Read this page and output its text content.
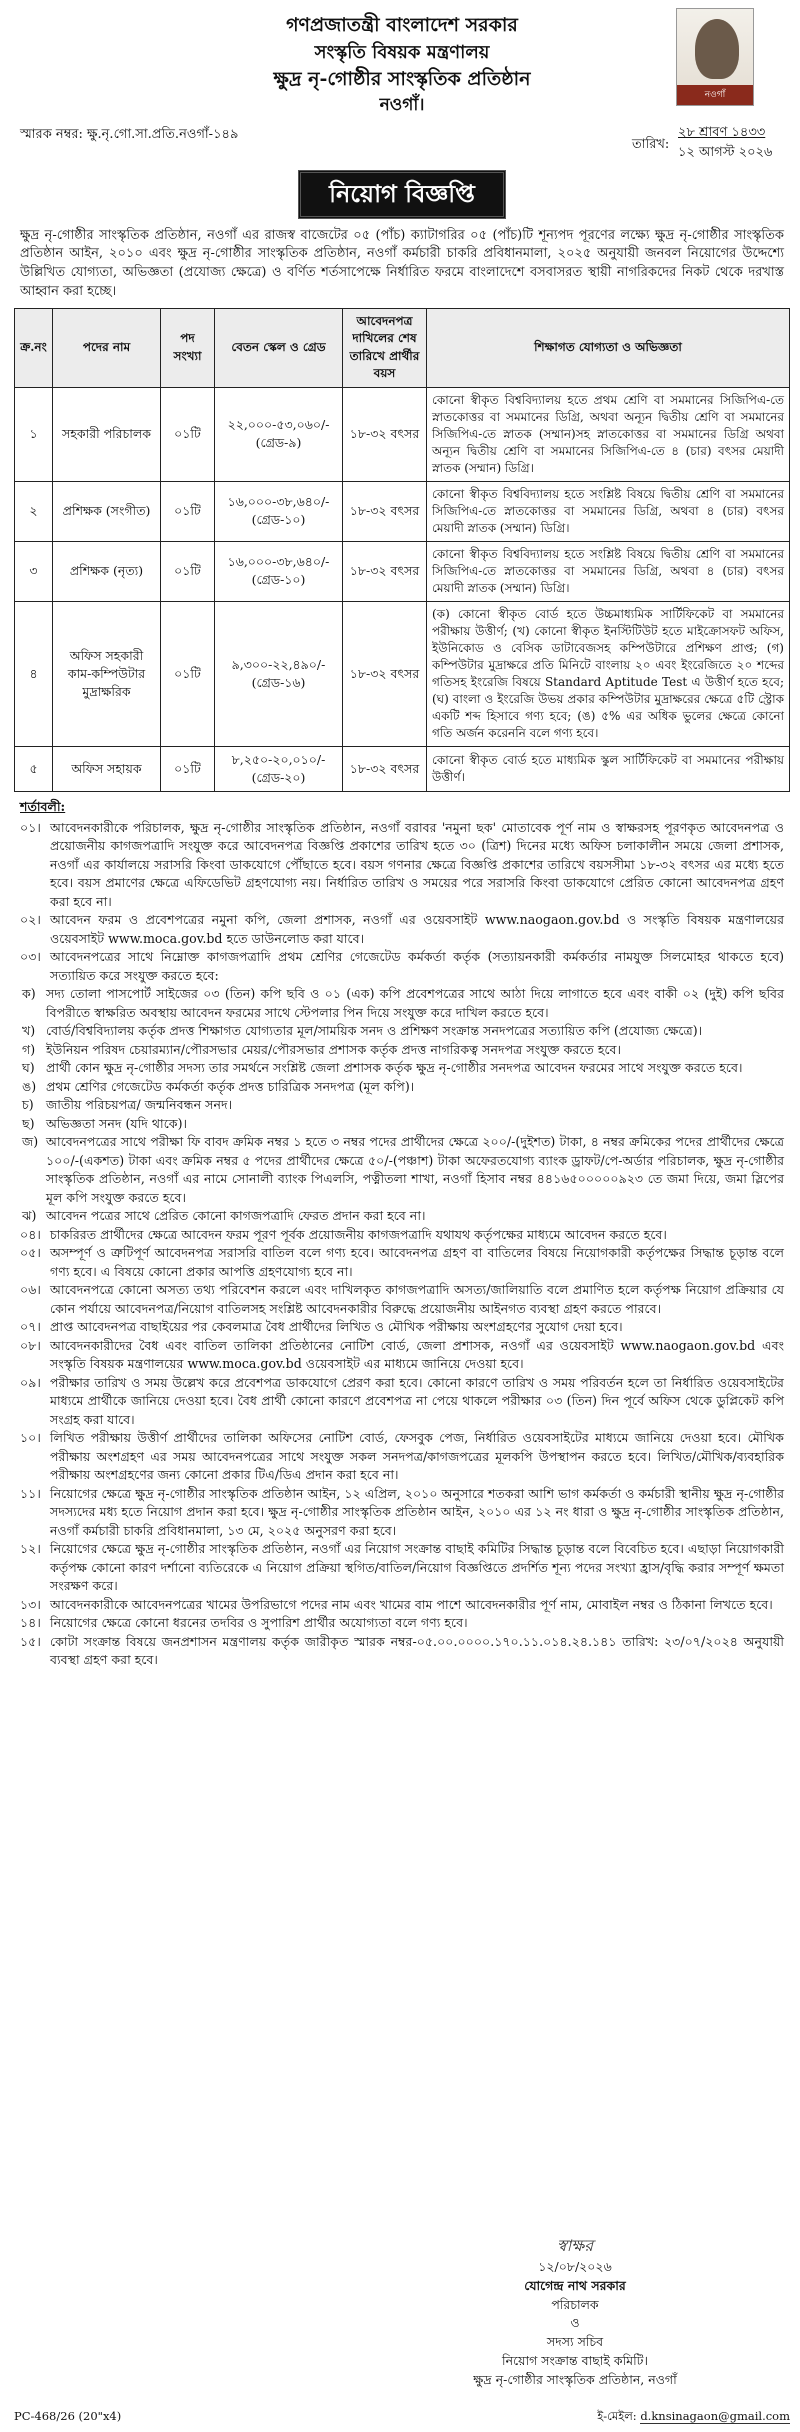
গণপ্রজাতন্ত্রী বাংলাদেশ সরকার
সংস্কৃতি বিষয়ক মন্ত্রণালয়
ক্ষুদ্র নৃ-গোষ্ঠীর সাংস্কৃতিক প্রতিষ্ঠান
নওগাঁ।
নওগাঁ
স্মারক নম্বর: ক্ষু.নৃ.গো.সা.প্রতি.নওগাঁ-১৪৯
তারিখ:
২৮ শ্রাবণ ১৪৩৩
১২ আগস্ট ২০২৬
নিয়োগ বিজ্ঞপ্তি

ক্ষুদ্র নৃ-গোষ্ঠীর সাংস্কৃতিক প্রতিষ্ঠান, নওগাঁ এর রাজস্ব বাজেটের ০৫ (পাঁচ) ক্যাটাগরির ০৫ (পাঁচ)টি শূন্যপদ পূরণের লক্ষ্যে ক্ষুদ্র নৃ-গোষ্ঠীর সাংস্কৃতিক প্রতিষ্ঠান আইন, ২০১০ এবং ক্ষুদ্র নৃ-গোষ্ঠীর সাংস্কৃতিক প্রতিষ্ঠান, নওগাঁ কর্মচারী চাকরি প্রবিধানমালা, ২০২৫ অনুযায়ী জনবল নিয়োগের উদ্দেশ্যে উল্লিখিত যোগ্যতা, অভিজ্ঞতা (প্রযোজ্য ক্ষেত্রে) ও বর্ণিত শর্তসাপেক্ষে নির্ধারিত ফরমে বাংলাদেশে বসবাসরত স্থায়ী নাগরিকদের নিকট থেকে দরখাস্ত আহ্বান করা হচ্ছে।

ক্র.নং	পদের নাম	পদ সংখ্যা	বেতন স্কেল ও গ্রেড	আবেদনপত্র দাখিলের শেষ তারিখে প্রার্থীর বয়স	শিক্ষাগত যোগ্যতা ও অভিজ্ঞতা
১	সহকারী পরিচালক	০১টি	২২,০০০-৫৩,০৬০/-
(গ্রেড-৯)	১৮-৩২ বৎসর	কোনো স্বীকৃত বিশ্ববিদ্যালয় হতে প্রথম শ্রেণি বা সমমানের সিজিপিএ-তে স্নাতকোত্তর বা সমমানের ডিগ্রি, অথবা অন্যূন দ্বিতীয় শ্রেণি বা সমমানের সিজিপিএ-তে স্নাতক (সম্মান)সহ স্নাতকোত্তর বা সমমানের ডিগ্রি অথবা অন্যূন দ্বিতীয় শ্রেণি বা সমমানের সিজিপিএ-তে ৪ (চার) বৎসর মেয়াদী স্নাতক (সম্মান) ডিগ্রি।
২	প্রশিক্ষক (সংগীত)	০১টি	১৬,০০০-৩৮,৬৪০/-
(গ্রেড-১০)	১৮-৩২ বৎসর	কোনো স্বীকৃত বিশ্ববিদ্যালয় হতে সংশ্লিষ্ট বিষয়ে দ্বিতীয় শ্রেণি বা সমমানের সিজিপিএ-তে স্নাতকোত্তর বা সমমানের ডিগ্রি, অথবা ৪ (চার) বৎসর মেয়াদী স্নাতক (সম্মান) ডিগ্রি।
৩	প্রশিক্ষক (নৃত্য)	০১টি	১৬,০০০-৩৮,৬৪০/-
(গ্রেড-১০)	১৮-৩২ বৎসর	কোনো স্বীকৃত বিশ্ববিদ্যালয় হতে সংশ্লিষ্ট বিষয়ে দ্বিতীয় শ্রেণি বা সমমানের সিজিপিএ-তে স্নাতকোত্তর বা সমমানের ডিগ্রি, অথবা ৪ (চার) বৎসর মেয়াদী স্নাতক (সম্মান) ডিগ্রি।
৪	অফিস সহকারী কাম-কম্পিউটার মুদ্রাক্ষরিক	০১টি	৯,৩০০-২২,৪৯০/-
(গ্রেড-১৬)	১৮-৩২ বৎসর	(ক) কোনো স্বীকৃত বোর্ড হতে উচ্চমাধ্যমিক সার্টিফিকেট বা সমমানের পরীক্ষায় উত্তীর্ণ; (খ) কোনো স্বীকৃত ইনস্টিটিউট হতে মাইক্রোসফট অফিস, ইউনিকোড ও বেসিক ডাটাবেজসহ কম্পিউটারে প্রশিক্ষণ প্রাপ্ত; (গ) কম্পিউটার মুদ্রাক্ষরে প্রতি মিনিটে বাংলায় ২০ এবং ইংরেজিতে ২০ শব্দের গতিসহ ইংরেজি বিষয়ে Standard Aptitude Test এ উত্তীর্ণ হতে হবে; (ঘ) বাংলা ও ইংরেজি উভয় প্রকার কম্পিউটার মুদ্রাক্ষরের ক্ষেত্রে ৫টি স্ট্রোক একটি শব্দ হিসাবে গণ্য হবে; (ঙ) ৫% এর অধিক ভুলের ক্ষেত্রে কোনো গতি অর্জন করেননি বলে গণ্য হবে।
৫	অফিস সহায়ক	০১টি	৮,২৫০-২০,০১০/-
(গ্রেড-২০)	১৮-৩২ বৎসর	কোনো স্বীকৃত বোর্ড হতে মাধ্যমিক স্কুল সার্টিফিকেট বা সমমানের পরীক্ষায় উত্তীর্ণ।
শর্তাবলী:
০১। আবেদনকারীকে পরিচালক, ক্ষুদ্র নৃ-গোষ্ঠীর সাংস্কৃতিক প্রতিষ্ঠান, নওগাঁ বরাবর 'নমুনা ছক' মোতাবেক পূর্ণ নাম ও স্বাক্ষরসহ পূরণকৃত আবেদনপত্র ও প্রয়োজনীয় কাগজপত্রাদি সংযুক্ত করে আবেদনপত্র বিজ্ঞপ্তি প্রকাশের তারিখ হতে ৩০ (ত্রিশ) দিনের মধ্যে অফিস চলাকালীন সময়ে জেলা প্রশাসক, নওগাঁ এর কার্যালয়ে সরাসরি কিংবা ডাকযোগে পৌঁছাতে হবে। বয়স গণনার ক্ষেত্রে বিজ্ঞপ্তি প্রকাশের তারিখে বয়সসীমা ১৮-৩২ বৎসর এর মধ্যে হতে হবে। বয়স প্রমাণের ক্ষেত্রে এফিডেভিট গ্রহণযোগ্য নয়। নির্ধারিত তারিখ ও সময়ের পরে সরাসরি কিংবা ডাকযোগে প্রেরিত কোনো আবেদনপত্র গ্রহণ করা হবে না।
০২। আবেদন ফরম ও প্রবেশপত্রের নমুনা কপি, জেলা প্রশাসক, নওগাঁ এর ওয়েবসাইট www.naogaon.gov.bd ও সংস্কৃতি বিষয়ক মন্ত্রণালয়ের ওয়েবসাইট www.moca.gov.bd হতে ডাউনলোড করা যাবে।
০৩। আবেদনপত্রের সাথে নিম্নোক্ত কাগজপত্রাদি প্রথম শ্রেণির গেজেটেড কর্মকর্তা কর্তৃক (সত্যায়নকারী কর্মকর্তার নামযুক্ত সিলমোহর থাকতে হবে) সত্যায়িত করে সংযুক্ত করতে হবে:
ক) সদ্য তোলা পাসপোর্ট সাইজের ০৩ (তিন) কপি ছবি ও ০১ (এক) কপি প্রবেশপত্রের সাথে আঠা দিয়ে লাগাতে হবে এবং বাকী ০২ (দুই) কপি ছবির বিপরীতে স্বাক্ষরিত অবস্থায় আবেদন ফরমের সাথে স্টেপলার পিন দিয়ে সংযুক্ত করে দাখিল করতে হবে।
খ) বোর্ড/বিশ্ববিদ্যালয় কর্তৃক প্রদত্ত শিক্ষাগত যোগ্যতার মূল/সাময়িক সনদ ও প্রশিক্ষণ সংক্রান্ত সনদপত্রের সত্যায়িত কপি (প্রযোজ্য ক্ষেত্রে)।
গ) ইউনিয়ন পরিষদ চেয়ারম্যান/পৌরসভার মেয়র/পৌরসভার প্রশাসক কর্তৃক প্রদত্ত নাগরিকত্ব সনদপত্র সংযুক্ত করতে হবে।
ঘ) প্রার্থী কোন ক্ষুদ্র নৃ-গোষ্ঠীর সদস্য তার সমর্থনে সংশ্লিষ্ট জেলা প্রশাসক কর্তৃক ক্ষুদ্র নৃ-গোষ্ঠীর সনদপত্র আবেদন ফরমের সাথে সংযুক্ত করতে হবে।
ঙ) প্রথম শ্রেণির গেজেটেড কর্মকর্তা কর্তৃক প্রদত্ত চারিত্রিক সনদপত্র (মূল কপি)।
চ) জাতীয় পরিচয়পত্র/ জন্মনিবন্ধন সনদ।
ছ) অভিজ্ঞতা সনদ (যদি থাকে)।
জ) আবেদনপত্রের সাথে পরীক্ষা ফি বাবদ ক্রমিক নম্বর ১ হতে ৩ নম্বর পদের প্রার্থীদের ক্ষেত্রে ২০০/-(দুইশত) টাকা, ৪ নম্বর ক্রমিকের পদের প্রার্থীদের ক্ষেত্রে ১০০/-(একশত) টাকা এবং ক্রমিক নম্বর ৫ পদের প্রার্থীদের ক্ষেত্রে ৫০/-(পঞ্চাশ) টাকা অফেরতযোগ্য ব্যাংক ড্রাফট/পে-অর্ডার পরিচালক, ক্ষুদ্র নৃ-গোষ্ঠীর সাংস্কৃতিক প্রতিষ্ঠান, নওগাঁ এর নামে সোনালী ব্যাংক পিএলসি, পত্নীতলা শাখা, নওগাঁ হিসাব নম্বর ৪৪১৬৫০০০০০৯২৩ তে জমা দিয়ে, জমা স্লিপের মূল কপি সংযুক্ত করতে হবে।
ঝ) আবেদন পত্রের সাথে প্রেরিত কোনো কাগজপত্রাদি ফেরত প্রদান করা হবে না।
০৪। চাকরিরত প্রার্থীদের ক্ষেত্রে আবেদন ফরম পূরণ পূর্বক প্রয়োজনীয় কাগজপত্রাদি যথাযথ কর্তৃপক্ষের মাধ্যমে আবেদন করতে হবে।
০৫। অসম্পূর্ণ ও ত্রুটিপূর্ণ আবেদনপত্র সরাসরি বাতিল বলে গণ্য হবে। আবেদনপত্র গ্রহণ বা বাতিলের বিষয়ে নিয়োগকারী কর্তৃপক্ষের সিদ্ধান্ত চূড়ান্ত বলে গণ্য হবে। এ বিষয়ে কোনো প্রকার আপত্তি গ্রহণযোগ্য হবে না।
০৬। আবেদনপত্রে কোনো অসত্য তথ্য পরিবেশন করলে এবং দাখিলকৃত কাগজপত্রাদি অসত্য/জালিয়াতি বলে প্রমাণিত হলে কর্তৃপক্ষ নিয়োগ প্রক্রিয়ার যে কোন পর্যায়ে আবেদনপত্র/নিয়োগ বাতিলসহ সংশ্লিষ্ট আবেদনকারীর বিরুদ্ধে প্রয়োজনীয় আইনগত ব্যবস্থা গ্রহণ করতে পারবে।
০৭। প্রাপ্ত আবেদনপত্র বাছাইয়ের পর কেবলমাত্র বৈধ প্রার্থীদের লিখিত ও মৌখিক পরীক্ষায় অংশগ্রহণের সুযোগ দেয়া হবে।
০৮। আবেদনকারীদের বৈধ এবং বাতিল তালিকা প্রতিষ্ঠানের নোটিশ বোর্ড, জেলা প্রশাসক, নওগাঁ এর ওয়েবসাইট www.naogaon.gov.bd এবং সংস্কৃতি বিষয়ক মন্ত্রণালয়ের www.moca.gov.bd ওয়েবসাইট এর মাধ্যমে জানিয়ে দেওয়া হবে।
০৯। পরীক্ষার তারিখ ও সময় উল্লেখ করে প্রবেশপত্র ডাকযোগে প্রেরণ করা হবে। কোনো কারণে তারিখ ও সময় পরিবর্তন হলে তা নির্ধারিত ওয়েবসাইটের মাধ্যমে প্রার্থীকে জানিয়ে দেওয়া হবে। বৈধ প্রার্থী কোনো কারণে প্রবেশপত্র না পেয়ে থাকলে পরীক্ষার ০৩ (তিন) দিন পূর্বে অফিস থেকে ডুপ্লিকেট কপি সংগ্রহ করা যাবে।
১০। লিখিত পরীক্ষায় উত্তীর্ণ প্রার্থীদের তালিকা অফিসের নোটিশ বোর্ড, ফেসবুক পেজ, নির্ধারিত ওয়েবসাইটের মাধ্যমে জানিয়ে দেওয়া হবে। মৌখিক পরীক্ষায় অংশগ্রহণ এর সময় আবেদনপত্রের সাথে সংযুক্ত সকল সনদপত্র/কাগজপত্রের মূলকপি উপস্থাপন করতে হবে। লিখিত/মৌখিক/ব্যবহারিক পরীক্ষায় অংশগ্রহণের জন্য কোনো প্রকার টিএ/ডিএ প্রদান করা হবে না।
১১। নিয়োগের ক্ষেত্রে ক্ষুদ্র নৃ-গোষ্ঠীর সাংস্কৃতিক প্রতিষ্ঠান আইন, ১২ এপ্রিল, ২০১০ অনুসারে শতকরা আশি ভাগ কর্মকর্তা ও কর্মচারী স্থানীয় ক্ষুদ্র নৃ-গোষ্ঠীর সদস্যদের মধ্য হতে নিয়োগ প্রদান করা হবে। ক্ষুদ্র নৃ-গোষ্ঠীর সাংস্কৃতিক প্রতিষ্ঠান আইন, ২০১০ এর ১২ নং ধারা ও ক্ষুদ্র নৃ-গোষ্ঠীর সাংস্কৃতিক প্রতিষ্ঠান, নওগাঁ কর্মচারী চাকরি প্রবিধানমালা, ১৩ মে, ২০২৫ অনুসরণ করা হবে।
১২। নিয়োগের ক্ষেত্রে ক্ষুদ্র নৃ-গোষ্ঠীর সাংস্কৃতিক প্রতিষ্ঠান, নওগাঁ এর নিয়োগ সংক্রান্ত বাছাই কমিটির সিদ্ধান্ত চূড়ান্ত বলে বিবেচিত হবে। এছাড়া নিয়োগকারী কর্তৃপক্ষ কোনো কারণ দর্শানো ব্যতিরেকে এ নিয়োগ প্রক্রিয়া স্থগিত/বাতিল/নিয়োগ বিজ্ঞপ্তিতে প্রদর্শিত শূন্য পদের সংখ্যা হ্রাস/বৃদ্ধি করার সম্পূর্ণ ক্ষমতা সংরক্ষণ করে।
১৩। আবেদনকারীকে আবেদনপত্রের খামের উপরিভাগে পদের নাম এবং খামের বাম পাশে আবেদনকারীর পূর্ণ নাম, মোবাইল নম্বর ও ঠিকানা লিখতে হবে।
১৪। নিয়োগের ক্ষেত্রে কোনো ধরনের তদবির ও সুপারিশ প্রার্থীর অযোগ্যতা বলে গণ্য হবে।
১৫। কোটা সংক্রান্ত বিষয়ে জনপ্রশাসন মন্ত্রণালয় কর্তৃক জারীকৃত স্মারক নম্বর-০৫.০০.০০০০.১৭০.১১.০১৪.২৪.১৪১ তারিখ: ২৩/০৭/২০২৪ অনুযায়ী ব্যবস্থা গ্রহণ করা হবে।
স্বাক্ষর
১২/০৮/২০২৬
যোগেন্দ্র নাথ সরকার
পরিচালক
ও
সদস্য সচিব
নিয়োগ সংক্রান্ত বাছাই কমিটি।
ক্ষুদ্র নৃ-গোষ্ঠীর সাংস্কৃতিক প্রতিষ্ঠান, নওগাঁ
PC-468/26 (20"x4)	ই-মেইল: d.knsinagaon@gmail.com
